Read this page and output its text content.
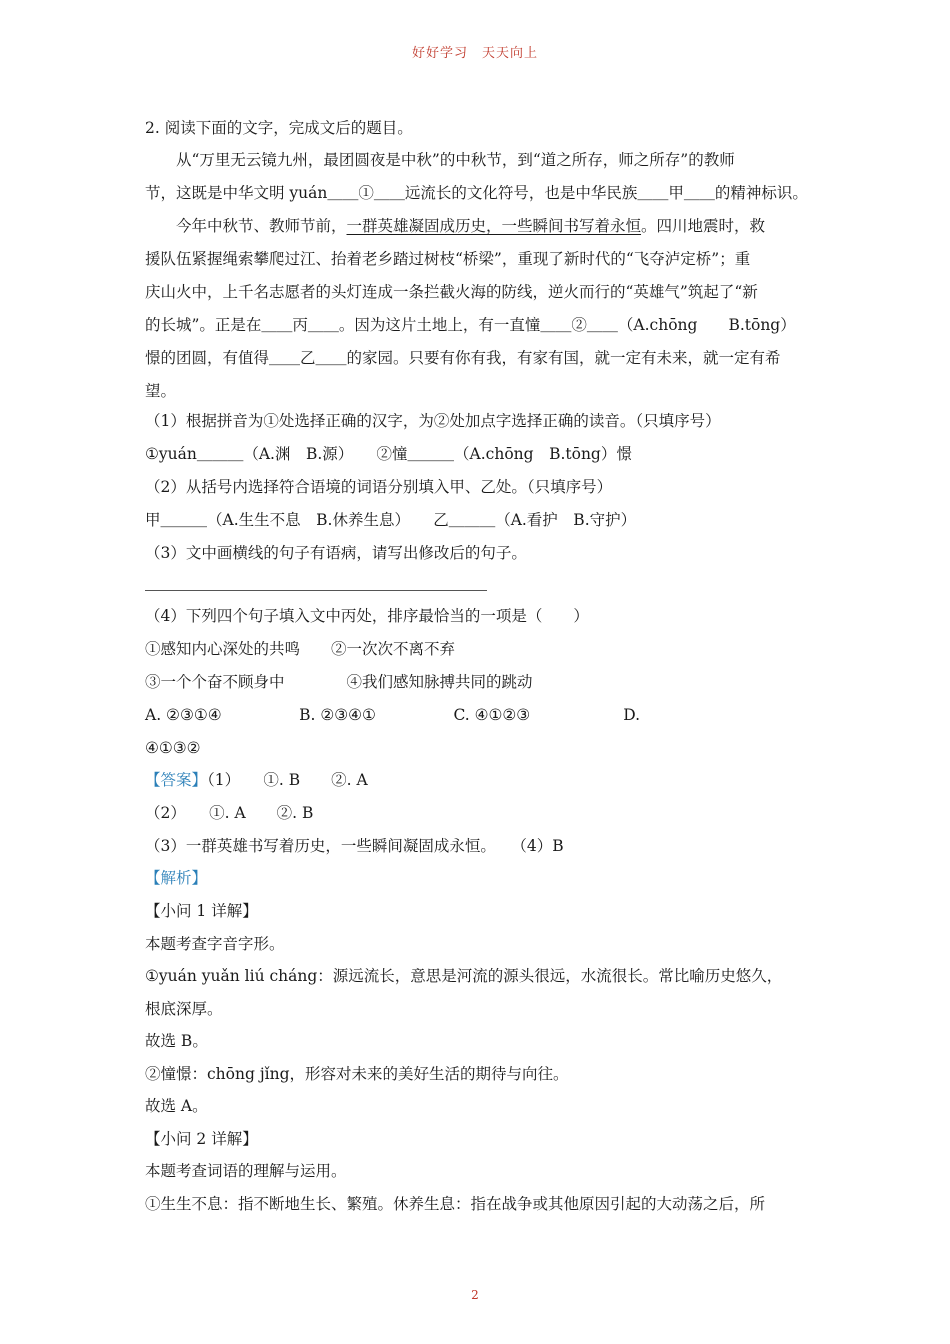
好好学习　天天向上
2. 阅读下面的文字，完成文后的题目。
从“万里无云镜九州，最团圆夜是中秋”的中秋节，到“道之所存，师之所存”的教师
节，这既是中华文明 yuán＿＿①＿＿远流长的文化符号，也是中华民族＿＿甲＿＿的精神标识。
今年中秋节、教师节前，一群英雄凝固成历史，一些瞬间书写着永恒。四川地震时，救
援队伍紧握绳索攀爬过江、抬着老乡踏过树枝“桥梁”，重现了新时代的“飞夺泸定桥”；重
庆山火中，上千名志愿者的头灯连成一条拦截火海的防线，逆火而行的“英雄气”筑起了“新
的长城”。正是在＿＿丙＿＿。因为这片土地上，有一直憧＿＿②＿＿（A.chōng　　B.tōng）
憬的团圆，有值得＿＿乙＿＿的家园。只要有你有我，有家有国，就一定有未来，就一定有希
望。
（1）根据拼音为①处选择正确的汉字，为②处加点字选择正确的读音。（只填序号）
①yuán＿＿＿（A.渊　B.源）　　②憧＿＿＿（A.chōng　B.tōng）憬
（2）从括号内选择符合语境的词语分别填入甲、乙处。（只填序号）
甲＿＿＿（A.生生不息　B.休养生息）　　乙＿＿＿（A.看护　B.守护）
（3）文中画横线的句子有语病，请写出修改后的句子。
（4）下列四个句子填入文中丙处，排序最恰当的一项是（　　）
①感知内心深处的共鸣　　②一次次不离不弃
③一个个奋不顾身中　　　　④我们感知脉搏共同的跳动
A. ②③①④　　　　　B. ②③④①　　　　　C. ④①②③　　　　　　D.
④①③②
【答案】（1）　　①. B　　②. A
（2）　　①. A　　②. B
（3）一群英雄书写着历史，一些瞬间凝固成永恒。　　（4）B
【解析】
【小问 1 详解】
本题考查字音字形。
①yuán yuǎn liú cháng：源远流长，意思是河流的源头很远，水流很长。常比喻历史悠久，
根底深厚。
故选 B。
②憧憬：chōng jǐng，形容对未来的美好生活的期待与向往。
故选 A。
【小问 2 详解】
本题考查词语的理解与运用。
①生生不息：指不断地生长、繁殖。休养生息：指在战争或其他原因引起的大动荡之后，所
2
